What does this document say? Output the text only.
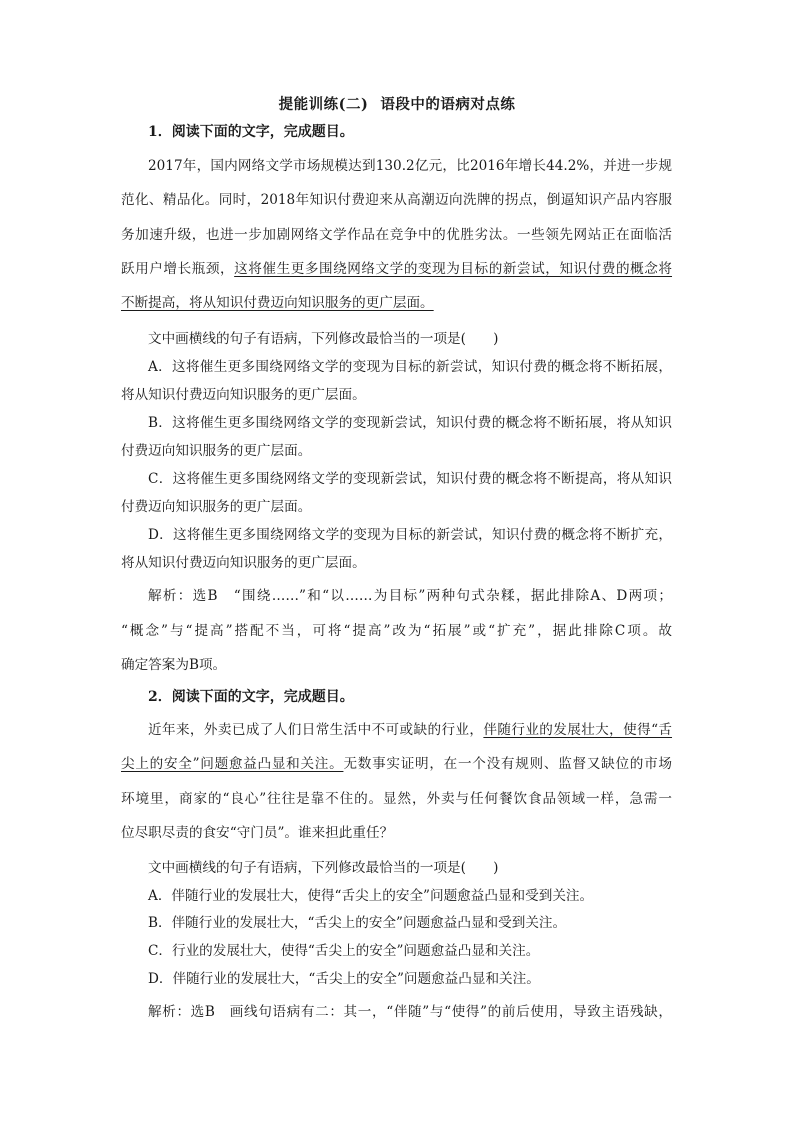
提能训练(二) 语段中的语病对点练
1．阅读下面的文字，完成题目。
2017年，国内网络文学市场规模达到130.2亿元，比2016年增长44.2%，并进一步规
范化、精品化。同时，2018年知识付费迎来从高潮迈向洗牌的拐点，倒逼知识产品内容服
务加速升级，也进一步加剧网络文学作品在竞争中的优胜劣汰。一些领先网站正在面临活
跃用户增长瓶颈，这将催生更多围绕网络文学的变现为目标的新尝试，知识付费的概念将
不断提高，将从知识付费迈向知识服务的更广层面。
文中画横线的句子有语病，下列修改最恰当的一项是(　　)
A．这将催生更多围绕网络文学的变现为目标的新尝试，知识付费的概念将不断拓展，
将从知识付费迈向知识服务的更广层面。
B．这将催生更多围绕网络文学的变现新尝试，知识付费的概念将不断拓展，将从知识
付费迈向知识服务的更广层面。
C．这将催生更多围绕网络文学的变现新尝试，知识付费的概念将不断提高，将从知识
付费迈向知识服务的更广层面。
D．这将催生更多围绕网络文学的变现为目标的新尝试，知识付费的概念将不断扩充，
将从知识付费迈向知识服务的更广层面。
解析：选B　“围绕……”和“以……为目标”两种句式杂糅，据此排除A、D两项；
“概念”与“提高”搭配不当，可将“提高”改为“拓展”或“扩充”，据此排除C项。故
确定答案为B项。
2．阅读下面的文字，完成题目。
近年来，外卖已成了人们日常生活中不可或缺的行业，伴随行业的发展壮大，使得“舌
尖上的安全”问题愈益凸显和关注。无数事实证明，在一个没有规则、监督又缺位的市场
环境里，商家的“良心”往往是靠不住的。显然，外卖与任何餐饮食品领域一样，急需一
位尽职尽责的食安“守门员”。谁来担此重任？
文中画横线的句子有语病，下列修改最恰当的一项是(　　)
A．伴随行业的发展壮大，使得“舌尖上的安全”问题愈益凸显和受到关注。
B．伴随行业的发展壮大，“舌尖上的安全”问题愈益凸显和受到关注。
C．行业的发展壮大，使得“舌尖上的安全”问题愈益凸显和关注。
D．伴随行业的发展壮大，“舌尖上的安全”问题愈益凸显和关注。
解析：选B　画线句语病有二：其一，“伴随”与“使得”的前后使用，导致主语残缺，
